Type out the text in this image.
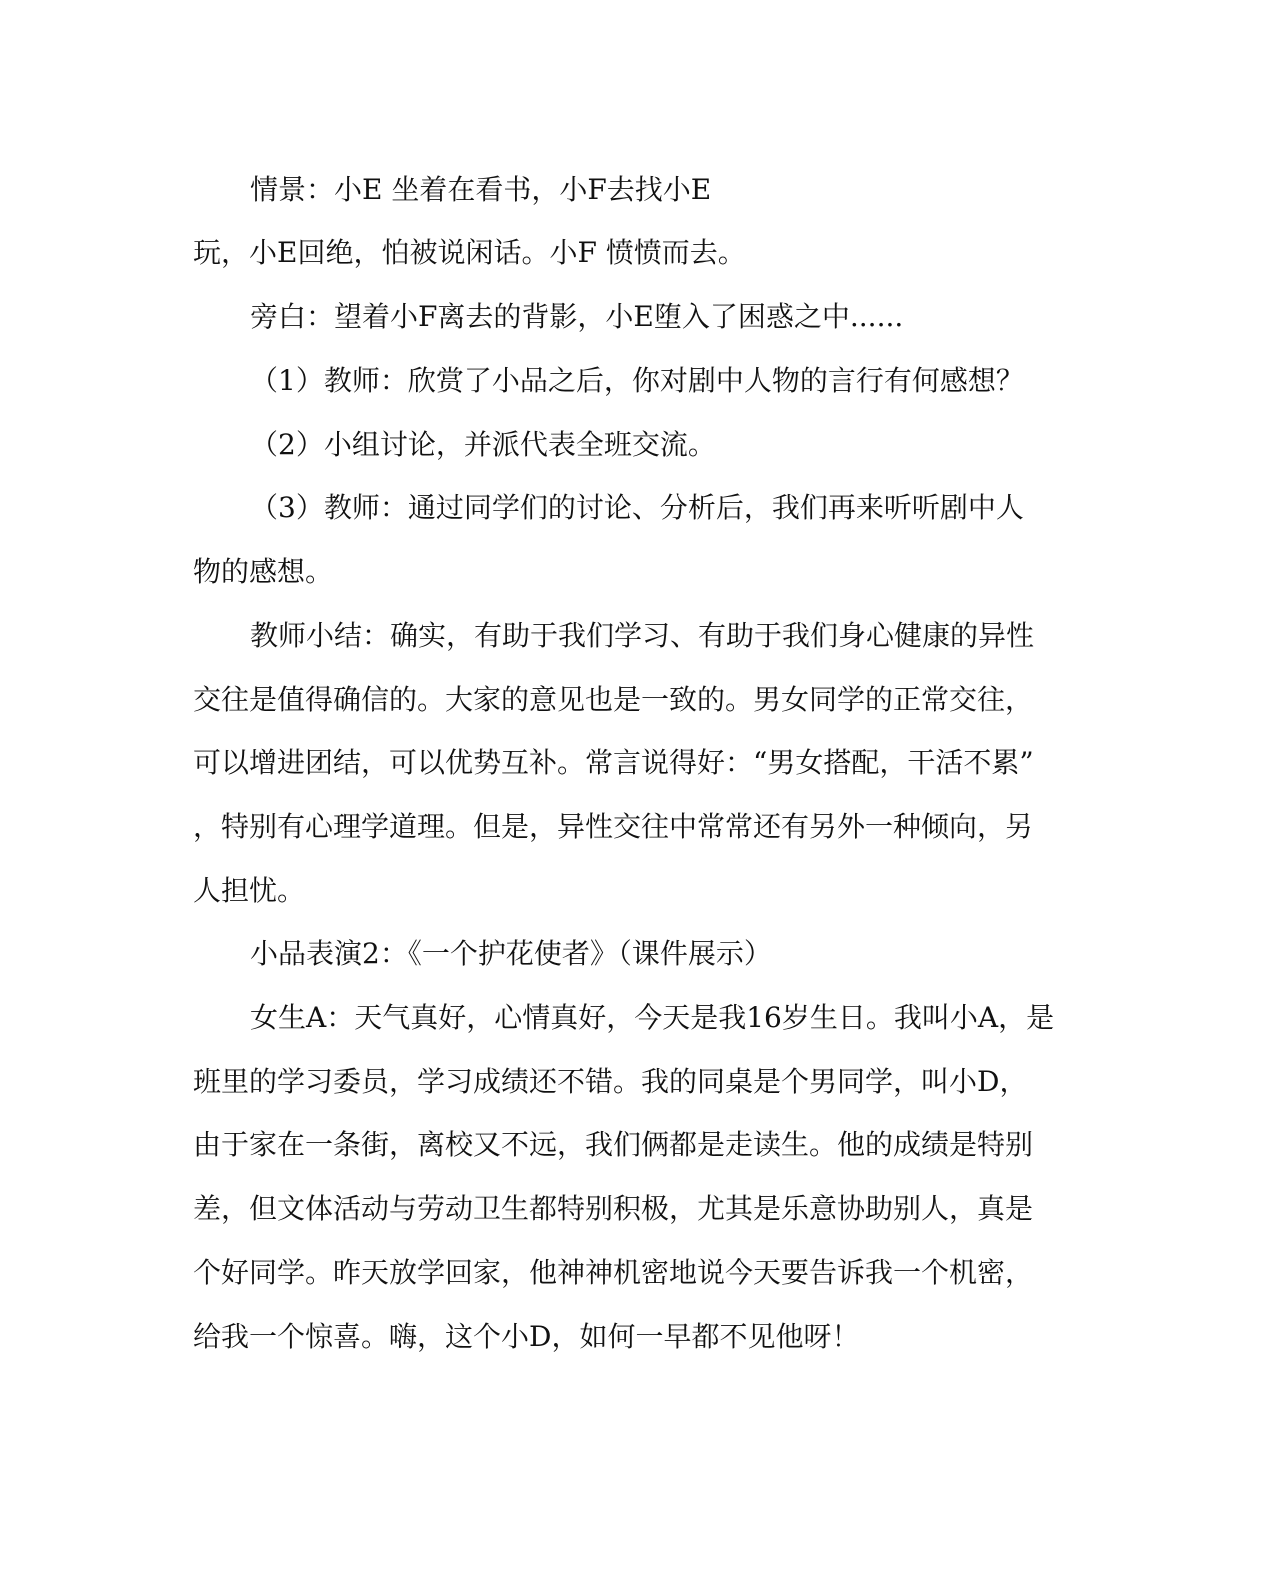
情景：小E 坐着在看书，小F去找小E
玩，小E回绝，怕被说闲话。小F 愤愤而去。
旁白：望着小F离去的背影，小E堕入了困惑之中......
（1）教师：欣赏了小品之后，你对剧中人物的言行有何感想？
（2）小组讨论，并派代表全班交流。
（3）教师：通过同学们的讨论、分析后，我们再来听听剧中人
物的感想。
教师小结：确实，有助于我们学习、有助于我们身心健康的异性
交往是值得确信的。大家的意见也是一致的。男女同学的正常交往，
可以增进团结，可以优势互补。常言说得好：“男女搭配，干活不累”
，特别有心理学道理。但是，异性交往中常常还有另外一种倾向，另
人担忧。
小品表演2：《一个护花使者》（课件展示）
女生A：天气真好，心情真好，今天是我16岁生日。我叫小A，是
班里的学习委员，学习成绩还不错。我的同桌是个男同学，叫小D，
由于家在一条街，离校又不远，我们俩都是走读生。他的成绩是特别
差，但文体活动与劳动卫生都特别积极，尤其是乐意协助别人，真是
个好同学。昨天放学回家，他神神机密地说今天要告诉我一个机密，
给我一个惊喜。嗨，这个小D，如何一早都不见他呀！
